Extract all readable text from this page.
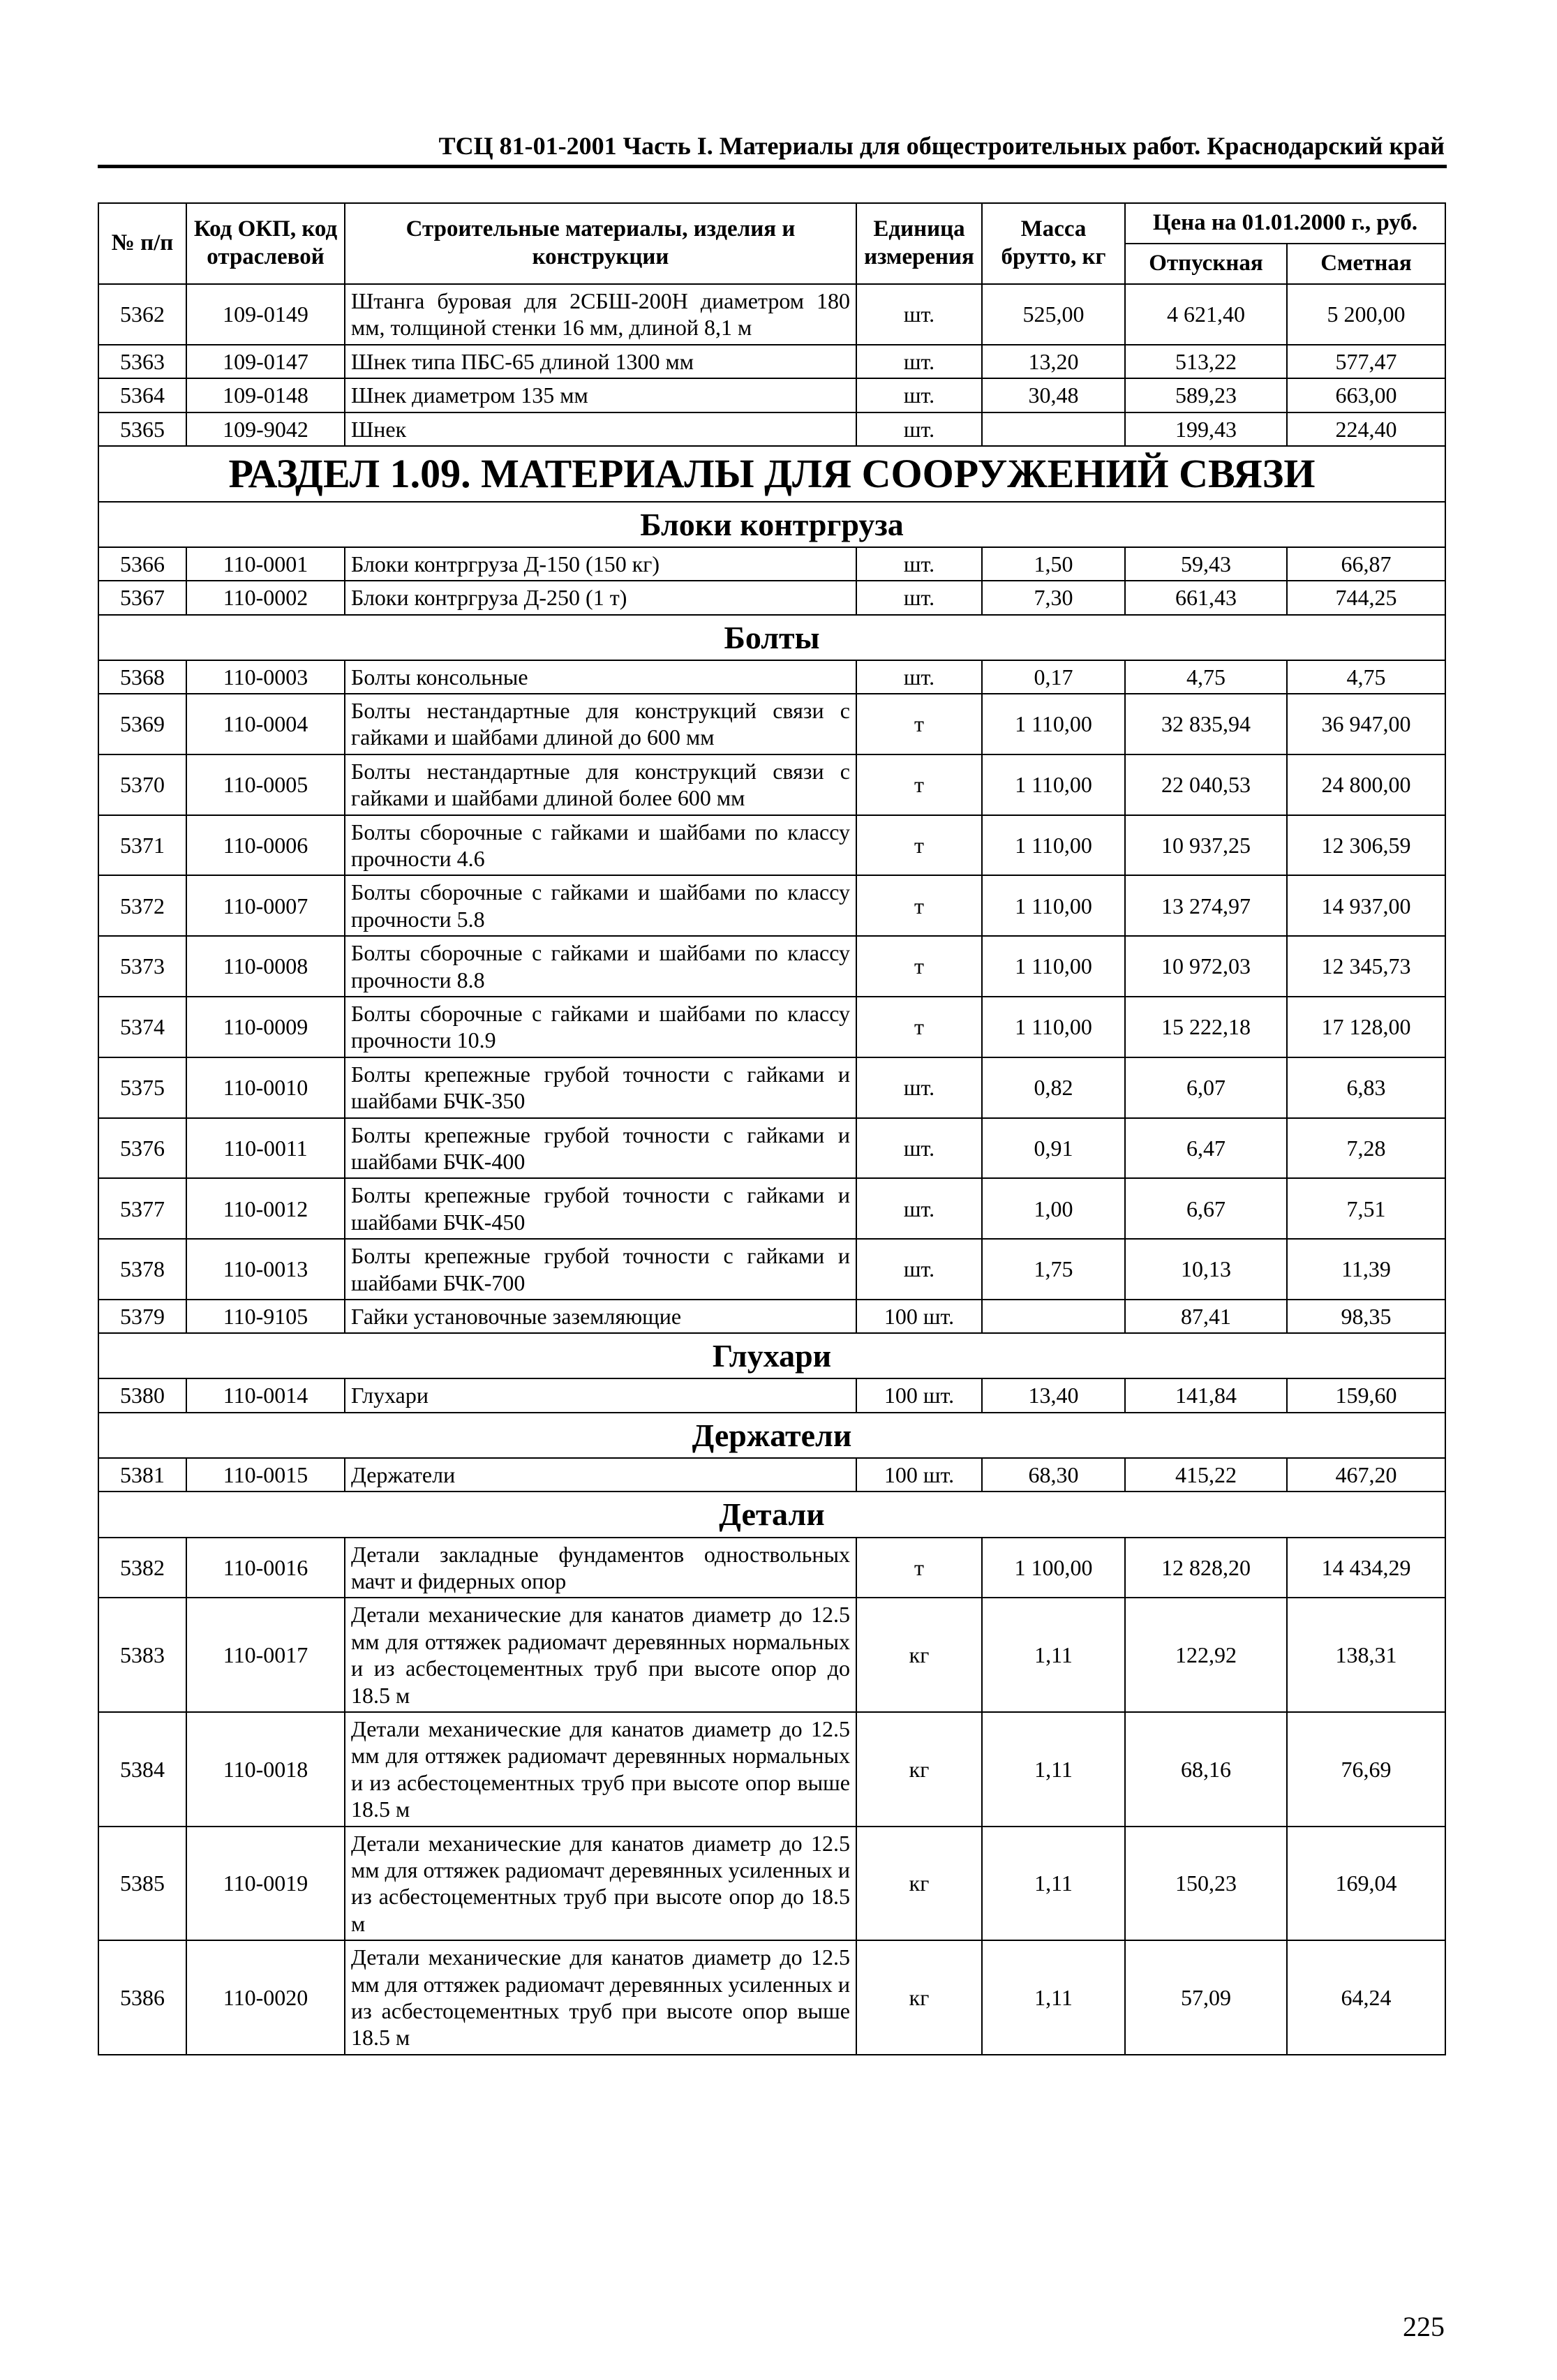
ТСЦ 81-01-2001 Часть I. Материалы для общестроительных работ. Краснодарский край
№ п/п	Код ОКП, код отраслевой	Строительные материалы, изделия и конструкции	Единица измерения	Масса брутто, кг	Цена на 01.01.2000 г., руб.	
					Отпускная	Сметная
5362	109-0149	Штанга буровая для 2СБШ-200Н диаметром 180 мм, толщиной стенки 16 мм, длиной 8,1 м	шт.	525,00	4 621,40	5 200,00
5363	109-0147	Шнек типа ПБС-65 длиной 1300 мм	шт.	13,20	513,22	577,47
5364	109-0148	Шнек диаметром 135 мм	шт.	30,48	589,23	663,00
5365	109-9042	Шнек	шт.		199,43	224,40
РАЗДЕЛ 1.09. МАТЕРИАЛЫ ДЛЯ СООРУЖЕНИЙ СВЯЗИ						
Блоки контргруза						
5366	110-0001	Блоки контргруза Д-150 (150 кг)	шт.	1,50	59,43	66,87
5367	110-0002	Блоки контргруза Д-250 (1 т)	шт.	7,30	661,43	744,25
Болты						
5368	110-0003	Болты консольные	шт.	0,17	4,75	4,75
5369	110-0004	Болты нестандартные для конструкций связи с гайками и шайбами длиной до 600 мм	т	1 110,00	32 835,94	36 947,00
5370	110-0005	Болты нестандартные для конструкций связи с гайками и шайбами длиной более 600 мм	т	1 110,00	22 040,53	24 800,00
5371	110-0006	Болты сборочные с гайками и шайбами по классу прочности 4.6	т	1 110,00	10 937,25	12 306,59
5372	110-0007	Болты сборочные с гайками и шайбами по классу прочности 5.8	т	1 110,00	13 274,97	14 937,00
5373	110-0008	Болты сборочные с гайками и шайбами по классу прочности 8.8	т	1 110,00	10 972,03	12 345,73
5374	110-0009	Болты сборочные с гайками и шайбами по классу прочности 10.9	т	1 110,00	15 222,18	17 128,00
5375	110-0010	Болты крепежные грубой точности с гайками и шайбами БЧК-350	шт.	0,82	6,07	6,83
5376	110-0011	Болты крепежные грубой точности с гайками и шайбами БЧК-400	шт.	0,91	6,47	7,28
5377	110-0012	Болты крепежные грубой точности с гайками и шайбами БЧК-450	шт.	1,00	6,67	7,51
5378	110-0013	Болты крепежные грубой точности с гайками и шайбами БЧК-700	шт.	1,75	10,13	11,39
5379	110-9105	Гайки установочные заземляющие	100 шт.		87,41	98,35
Глухари						
5380	110-0014	Глухари	100 шт.	13,40	141,84	159,60
Держатели						
5381	110-0015	Держатели	100 шт.	68,30	415,22	467,20
Детали						
5382	110-0016	Детали закладные фундаментов одноствольных мачт и фидерных опор	т	1 100,00	12 828,20	14 434,29
5383	110-0017	Детали механические для канатов диаметр до 12.5 мм для оттяжек радиомачт деревянных нормальных и из асбестоцементных труб при высоте опор до 18.5 м	кг	1,11	122,92	138,31
5384	110-0018	Детали механические для канатов диаметр до 12.5 мм для оттяжек радиомачт деревянных нормальных и из асбестоцементных труб при высоте опор выше 18.5 м	кг	1,11	68,16	76,69
5385	110-0019	Детали механические для канатов диаметр до 12.5 мм для оттяжек радиомачт деревянных усиленных и из асбестоцементных труб при высоте опор до 18.5 м	кг	1,11	150,23	169,04
5386	110-0020	Детали механические для канатов диаметр до 12.5 мм для оттяжек радиомачт деревянных усиленных и из асбестоцементных труб при высоте опор выше 18.5 м	кг	1,11	57,09	64,24
225
